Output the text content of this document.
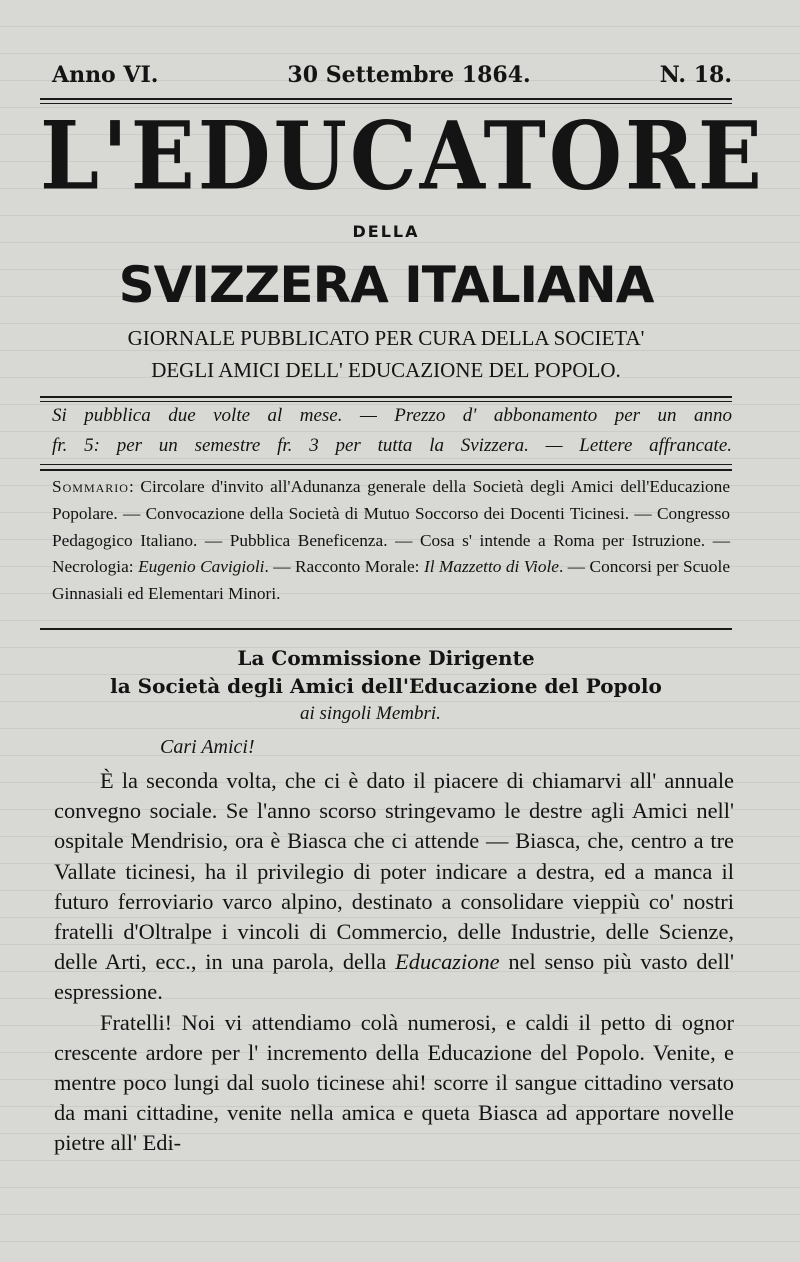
Anno VI.	30 Settembre 1864.	N. 18.
L'EDUCATORE
DELLA
SVIZZERA ITALIANA
GIORNALE PUBBLICATO PER CURA DELLA SOCIETA'
DEGLI AMICI DELL' EDUCAZIONE DEL POPOLO.
Si pubblica due volte al mese. — Prezzo d' abbonamento per un anno
fr. 5: per un semestre fr. 3 per tutta la Svizzera. — Lettere affrancate.
Sommario: Circolare d'invito all'Adunanza generale della Società degli Amici dell'Educazione Popolare. — Convocazione della Società di Mutuo Soccorso dei Docenti Ticinesi. — Congresso Pedagogico Italiano. — Pubblica Beneficenza. — Cosa s' intende a Roma per Istruzione. — Necrologia: Eugenio Cavigioli. — Racconto Morale: Il Mazzetto di Viole. — Concorsi per Scuole Ginnasiali ed Elementari Minori.
La Commissione Dirigente
la Società degli Amici dell'Educazione del Popolo
ai singoli Membri.
Cari Amici!

È la seconda volta, che ci è dato il piacere di chiamarvi all' annuale convegno sociale. Se l'anno scorso stringevamo le destre agli Amici nell' ospitale Mendrisio, ora è Biasca che ci attende — Biasca, che, centro a tre Vallate ticinesi, ha il privilegio di poter indicare a destra, ed a manca il futuro ferroviario varco alpino, destinato a consolidare vieppiù co' nostri fratelli d'Oltralpe i vincoli di Commercio, delle Industrie, delle Scienze, delle Arti, ecc., in una parola, della Educazione nel senso più vasto dell' espressione.

Fratelli! Noi vi attendiamo colà numerosi, e caldi il petto di ognor crescente ardore per l' incremento della Educazione del Popolo. Venite, e mentre poco lungi dal suolo ticinese ahi! scorre il sangue cittadino versato da mani cittadine, venite nella amica e queta Biasca ad apportare novelle pietre all' Edi-
